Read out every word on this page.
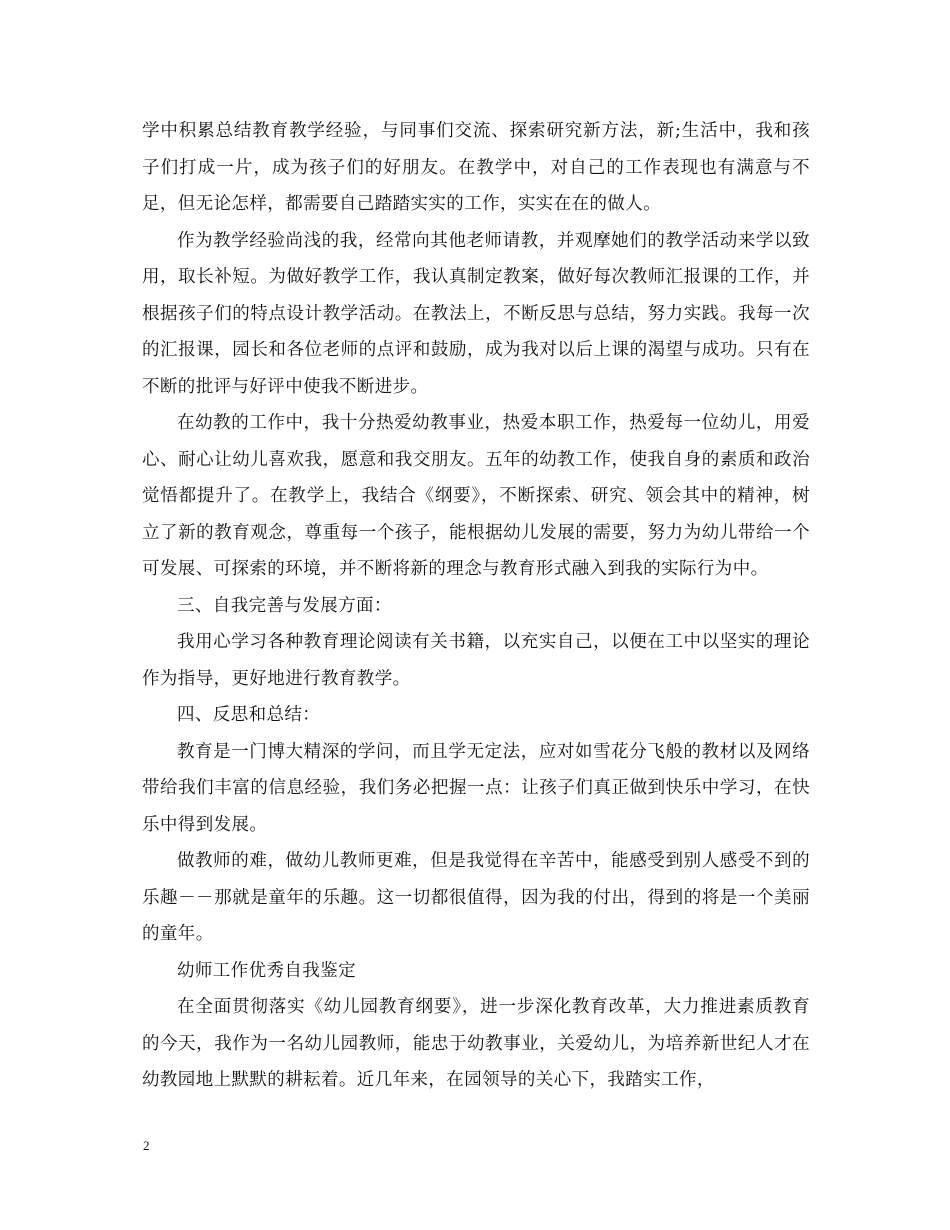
学中积累总结教育教学经验，与同事们交流、探索研究新方法，新;生活中，我和孩子们打成一片，成为孩子们的好朋友。在教学中，对自己的工作表现也有满意与不足，但无论怎样，都需要自己踏踏实实的工作，实实在在的做人。

作为教学经验尚浅的我，经常向其他老师请教，并观摩她们的教学活动来学以致用，取长补短。为做好教学工作，我认真制定教案，做好每次教师汇报课的工作，并根据孩子们的特点设计教学活动。在教法上，不断反思与总结，努力实践。我每一次的汇报课，园长和各位老师的点评和鼓励，成为我对以后上课的渴望与成功。只有在不断的批评与好评中使我不断进步。

在幼教的工作中，我十分热爱幼教事业，热爱本职工作，热爱每一位幼儿，用爱心、耐心让幼儿喜欢我，愿意和我交朋友。五年的幼教工作，使我自身的素质和政治觉悟都提升了。在教学上，我结合《纲要》，不断探索、研究、领会其中的精神，树立了新的教育观念，尊重每一个孩子，能根据幼儿发展的需要，努力为幼儿带给一个可发展、可探索的环境，并不断将新的理念与教育形式融入到我的实际行为中。

三、自我完善与发展方面：

我用心学习各种教育理论阅读有关书籍，以充实自己，以便在工中以坚实的理论作为指导，更好地进行教育教学。

四、反思和总结：

教育是一门博大精深的学问，而且学无定法，应对如雪花分飞般的教材以及网络带给我们丰富的信息经验，我们务必把握一点：让孩子们真正做到快乐中学习，在快乐中得到发展。

做教师的难，做幼儿教师更难，但是我觉得在辛苦中，能感受到别人感受不到的乐趣－－那就是童年的乐趣。这一切都很值得，因为我的付出，得到的将是一个美丽的童年。

幼师工作优秀自我鉴定

在全面贯彻落实《幼儿园教育纲要》，进一步深化教育改革，大力推进素质教育的今天，我作为一名幼儿园教师，能忠于幼教事业，关爱幼儿，为培养新世纪人才在幼教园地上默默的耕耘着。近几年来，在园领导的关心下，我踏实工作，

2
